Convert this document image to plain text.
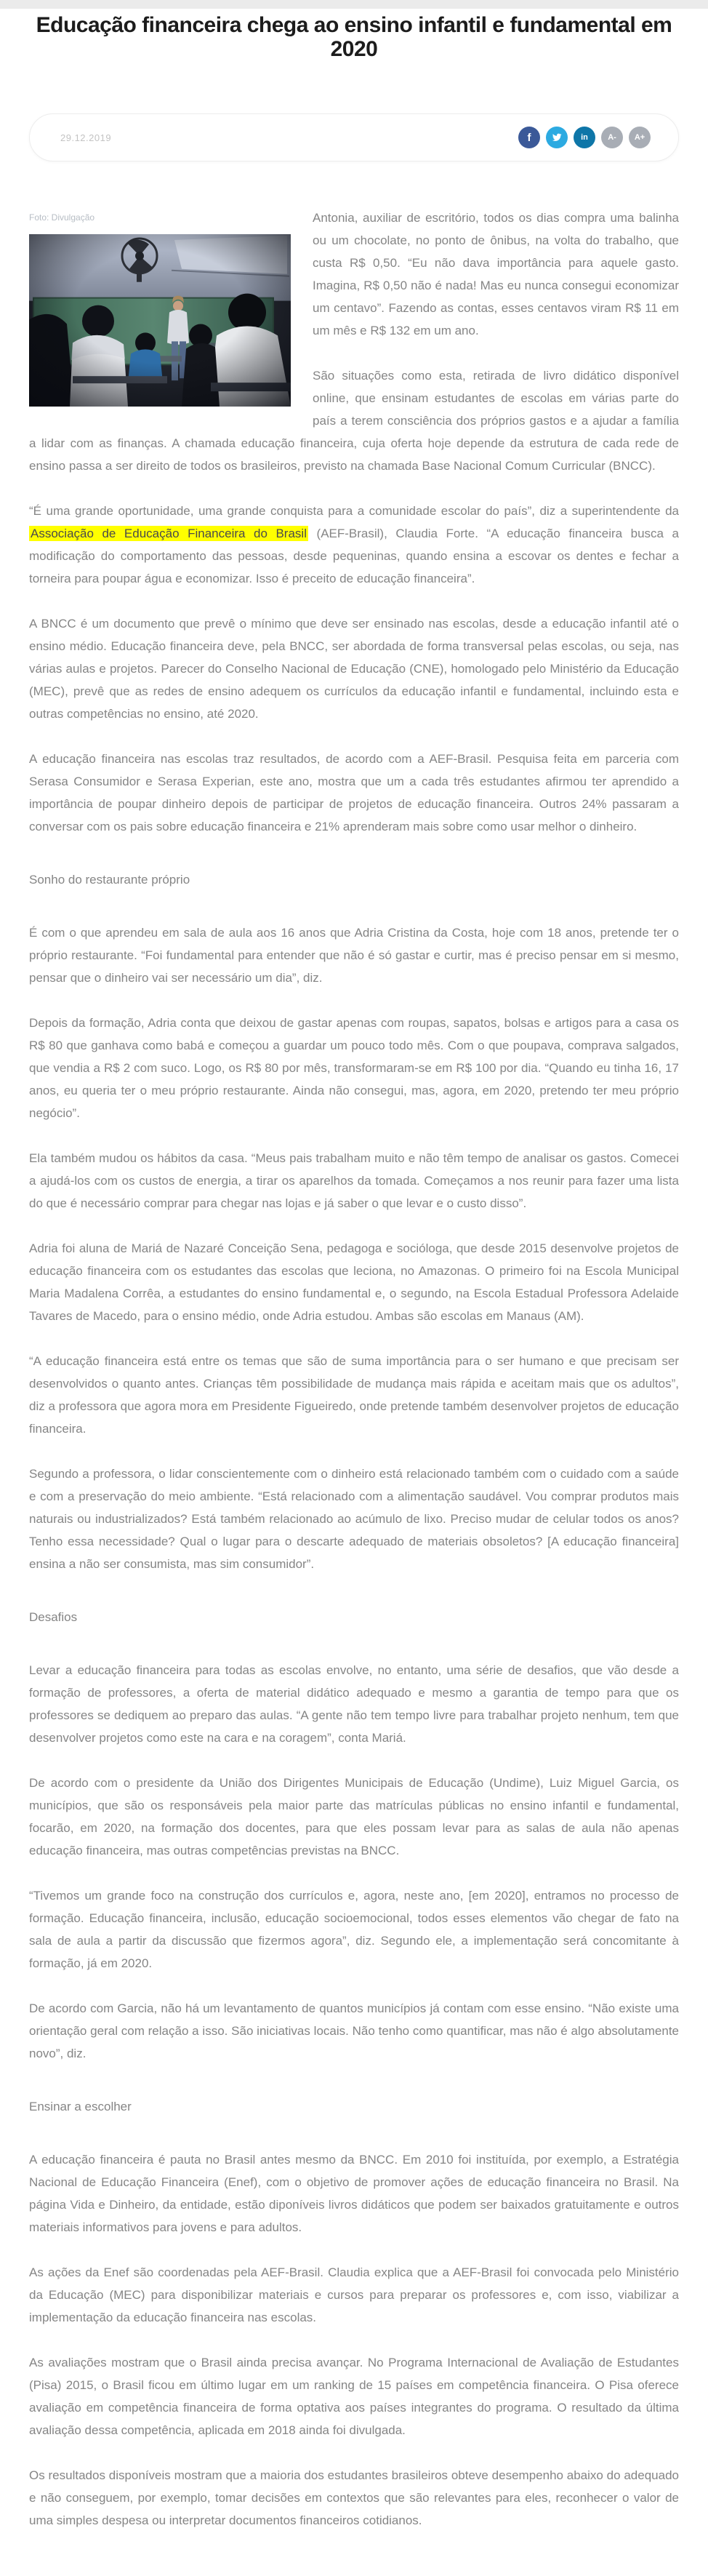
Educação financeira chega ao ensino infantil e fundamental em 2020
29.12.2019	f	in A- A+
Foto: Divulgação	Antonia, auxiliar de escritório, todos os dias compra uma balinha ou um chocolate, no ponto de ônibus, na volta do trabalho, que custa R$ 0,50. “Eu não dava importância para aquele gasto. Imagina, R$ 0,50 não é nada! Mas eu nunca consegui economizar um centavo”. Fazendo as contas, esses centavos viram R$ 11 em um mês e R$ 132 em um ano.

São situações como esta, retirada de livro didático disponível online, que ensinam estudantes de escolas em várias parte do país a terem consciência dos próprios gastos e a ajudar a família a lidar com as finanças. A chamada educação financeira, cuja oferta hoje depende da estrutura de cada rede de ensino passa a ser direito de todos os brasileiros, previsto na chamada Base Nacional Comum Curricular (BNCC).

“É uma grande oportunidade, uma grande conquista para a comunidade escolar do país”, diz a superintendente da Associação de Educação Financeira do Brasil (AEF-Brasil), Claudia Forte. “A educação financeira busca a modificação do comportamento das pessoas, desde pequeninas, quando ensina a escovar os dentes e fechar a torneira para poupar água e economizar. Isso é preceito de educação financeira”.

A BNCC é um documento que prevê o mínimo que deve ser ensinado nas escolas, desde a educação infantil até o ensino médio. Educação financeira deve, pela BNCC, ser abordada de forma transversal pelas escolas, ou seja, nas várias aulas e projetos. Parecer do Conselho Nacional de Educação (CNE), homologado pelo Ministério da Educação (MEC), prevê que as redes de ensino adequem os currículos da educação infantil e fundamental, incluindo esta e outras competências no ensino, até 2020.

A educação financeira nas escolas traz resultados, de acordo com a AEF-Brasil. Pesquisa feita em parceria com Serasa Consumidor e Serasa Experian, este ano, mostra que um a cada três estudantes afirmou ter aprendido a importância de poupar dinheiro depois de participar de projetos de educação financeira. Outros 24% passaram a conversar com os pais sobre educação financeira e 21% aprenderam mais sobre como usar melhor o dinheiro.

Sonho do restaurante próprio

É com o que aprendeu em sala de aula aos 16 anos que Adria Cristina da Costa, hoje com 18 anos, pretende ter o próprio restaurante. “Foi fundamental para entender que não é só gastar e curtir, mas é preciso pensar em si mesmo, pensar que o dinheiro vai ser necessário um dia”, diz.

Depois da formação, Adria conta que deixou de gastar apenas com roupas, sapatos, bolsas e artigos para a casa os R$ 80 que ganhava como babá e começou a guardar um pouco todo mês. Com o que poupava, comprava salgados, que vendia a R$ 2 com suco. Logo, os R$ 80 por mês, transformaram-se em R$ 100 por dia. “Quando eu tinha 16, 17 anos, eu queria ter o meu próprio restaurante. Ainda não consegui, mas, agora, em 2020, pretendo ter meu próprio negócio”.

Ela também mudou os hábitos da casa. “Meus pais trabalham muito e não têm tempo de analisar os gastos. Comecei a ajudá-los com os custos de energia, a tirar os aparelhos da tomada. Começamos a nos reunir para fazer uma lista do que é necessário comprar para chegar nas lojas e já saber o que levar e o custo disso”.

Adria foi aluna de Mariá de Nazaré Conceição Sena, pedagoga e socióloga, que desde 2015 desenvolve projetos de educação financeira com os estudantes das escolas que leciona, no Amazonas. O primeiro foi na Escola Municipal Maria Madalena Corrêa, a estudantes do ensino fundamental e, o segundo, na Escola Estadual Professora Adelaide Tavares de Macedo, para o ensino médio, onde Adria estudou. Ambas são escolas em Manaus (AM).

“A educação financeira está entre os temas que são de suma importância para o ser humano e que precisam ser desenvolvidos o quanto antes. Crianças têm possibilidade de mudança mais rápida e aceitam mais que os adultos”, diz a professora que agora mora em Presidente Figueiredo, onde pretende também desenvolver projetos de educação financeira.

Segundo a professora, o lidar conscientemente com o dinheiro está relacionado também com o cuidado com a saúde e com a preservação do meio ambiente. “Está relacionado com a alimentação saudável. Vou comprar produtos mais naturais ou industrializados? Está também relacionado ao acúmulo de lixo. Preciso mudar de celular todos os anos? Tenho essa necessidade? Qual o lugar para o descarte adequado de materiais obsoletos? [A educação financeira] ensina a não ser consumista, mas sim consumidor”.

Desafios

Levar a educação financeira para todas as escolas envolve, no entanto, uma série de desafios, que vão desde a formação de professores, a oferta de material didático adequado e mesmo a garantia de tempo para que os professores se dediquem ao preparo das aulas. “A gente não tem tempo livre para trabalhar projeto nenhum, tem que desenvolver projetos como este na cara e na coragem”, conta Mariá.

De acordo com o presidente da União dos Dirigentes Municipais de Educação (Undime), Luiz Miguel Garcia, os municípios, que são os responsáveis pela maior parte das matrículas públicas no ensino infantil e fundamental, focarão, em 2020, na formação dos docentes, para que eles possam levar para as salas de aula não apenas educação financeira, mas outras competências previstas na BNCC.

“Tivemos um grande foco na construção dos currículos e, agora, neste ano, [em 2020], entramos no processo de formação. Educação financeira, inclusão, educação socioemocional, todos esses elementos vão chegar de fato na sala de aula a partir da discussão que fizermos agora”, diz. Segundo ele, a implementação será concomitante à formação, já em 2020.

De acordo com Garcia, não há um levantamento de quantos municípios já contam com esse ensino. “Não existe uma orientação geral com relação a isso. São iniciativas locais. Não tenho como quantificar, mas não é algo absolutamente novo”, diz.

Ensinar a escolher

A educação financeira é pauta no Brasil antes mesmo da BNCC. Em 2010 foi instituída, por exemplo, a Estratégia Nacional de Educação Financeira (Enef), com o objetivo de promover ações de educação financeira no Brasil. Na página Vida e Dinheiro, da entidade, estão diponíveis livros didáticos que podem ser baixados gratuitamente e outros materiais informativos para jovens e para adultos.

As ações da Enef são coordenadas pela AEF-Brasil. Claudia explica que a AEF-Brasil foi convocada pelo Ministério da Educação (MEC) para disponibilizar materiais e cursos para preparar os professores e, com isso, viabilizar a implementação da educação financeira nas escolas.

As avaliações mostram que o Brasil ainda precisa avançar. No Programa Internacional de Avaliação de Estudantes (Pisa) 2015, o Brasil ficou em último lugar em um ranking de 15 países em competência financeira. O Pisa oferece avaliação em competência financeira de forma optativa aos países integrantes do programa. O resultado da última avaliação dessa competência, aplicada em 2018 ainda foi divulgada.

Os resultados disponíveis mostram que a maioria dos estudantes brasileiros obteve desempenho abaixo do adequado e não conseguem, por exemplo, tomar decisões em contextos que são relevantes para eles, reconhecer o valor de uma simples despesa ou interpretar documentos financeiros cotidianos.
